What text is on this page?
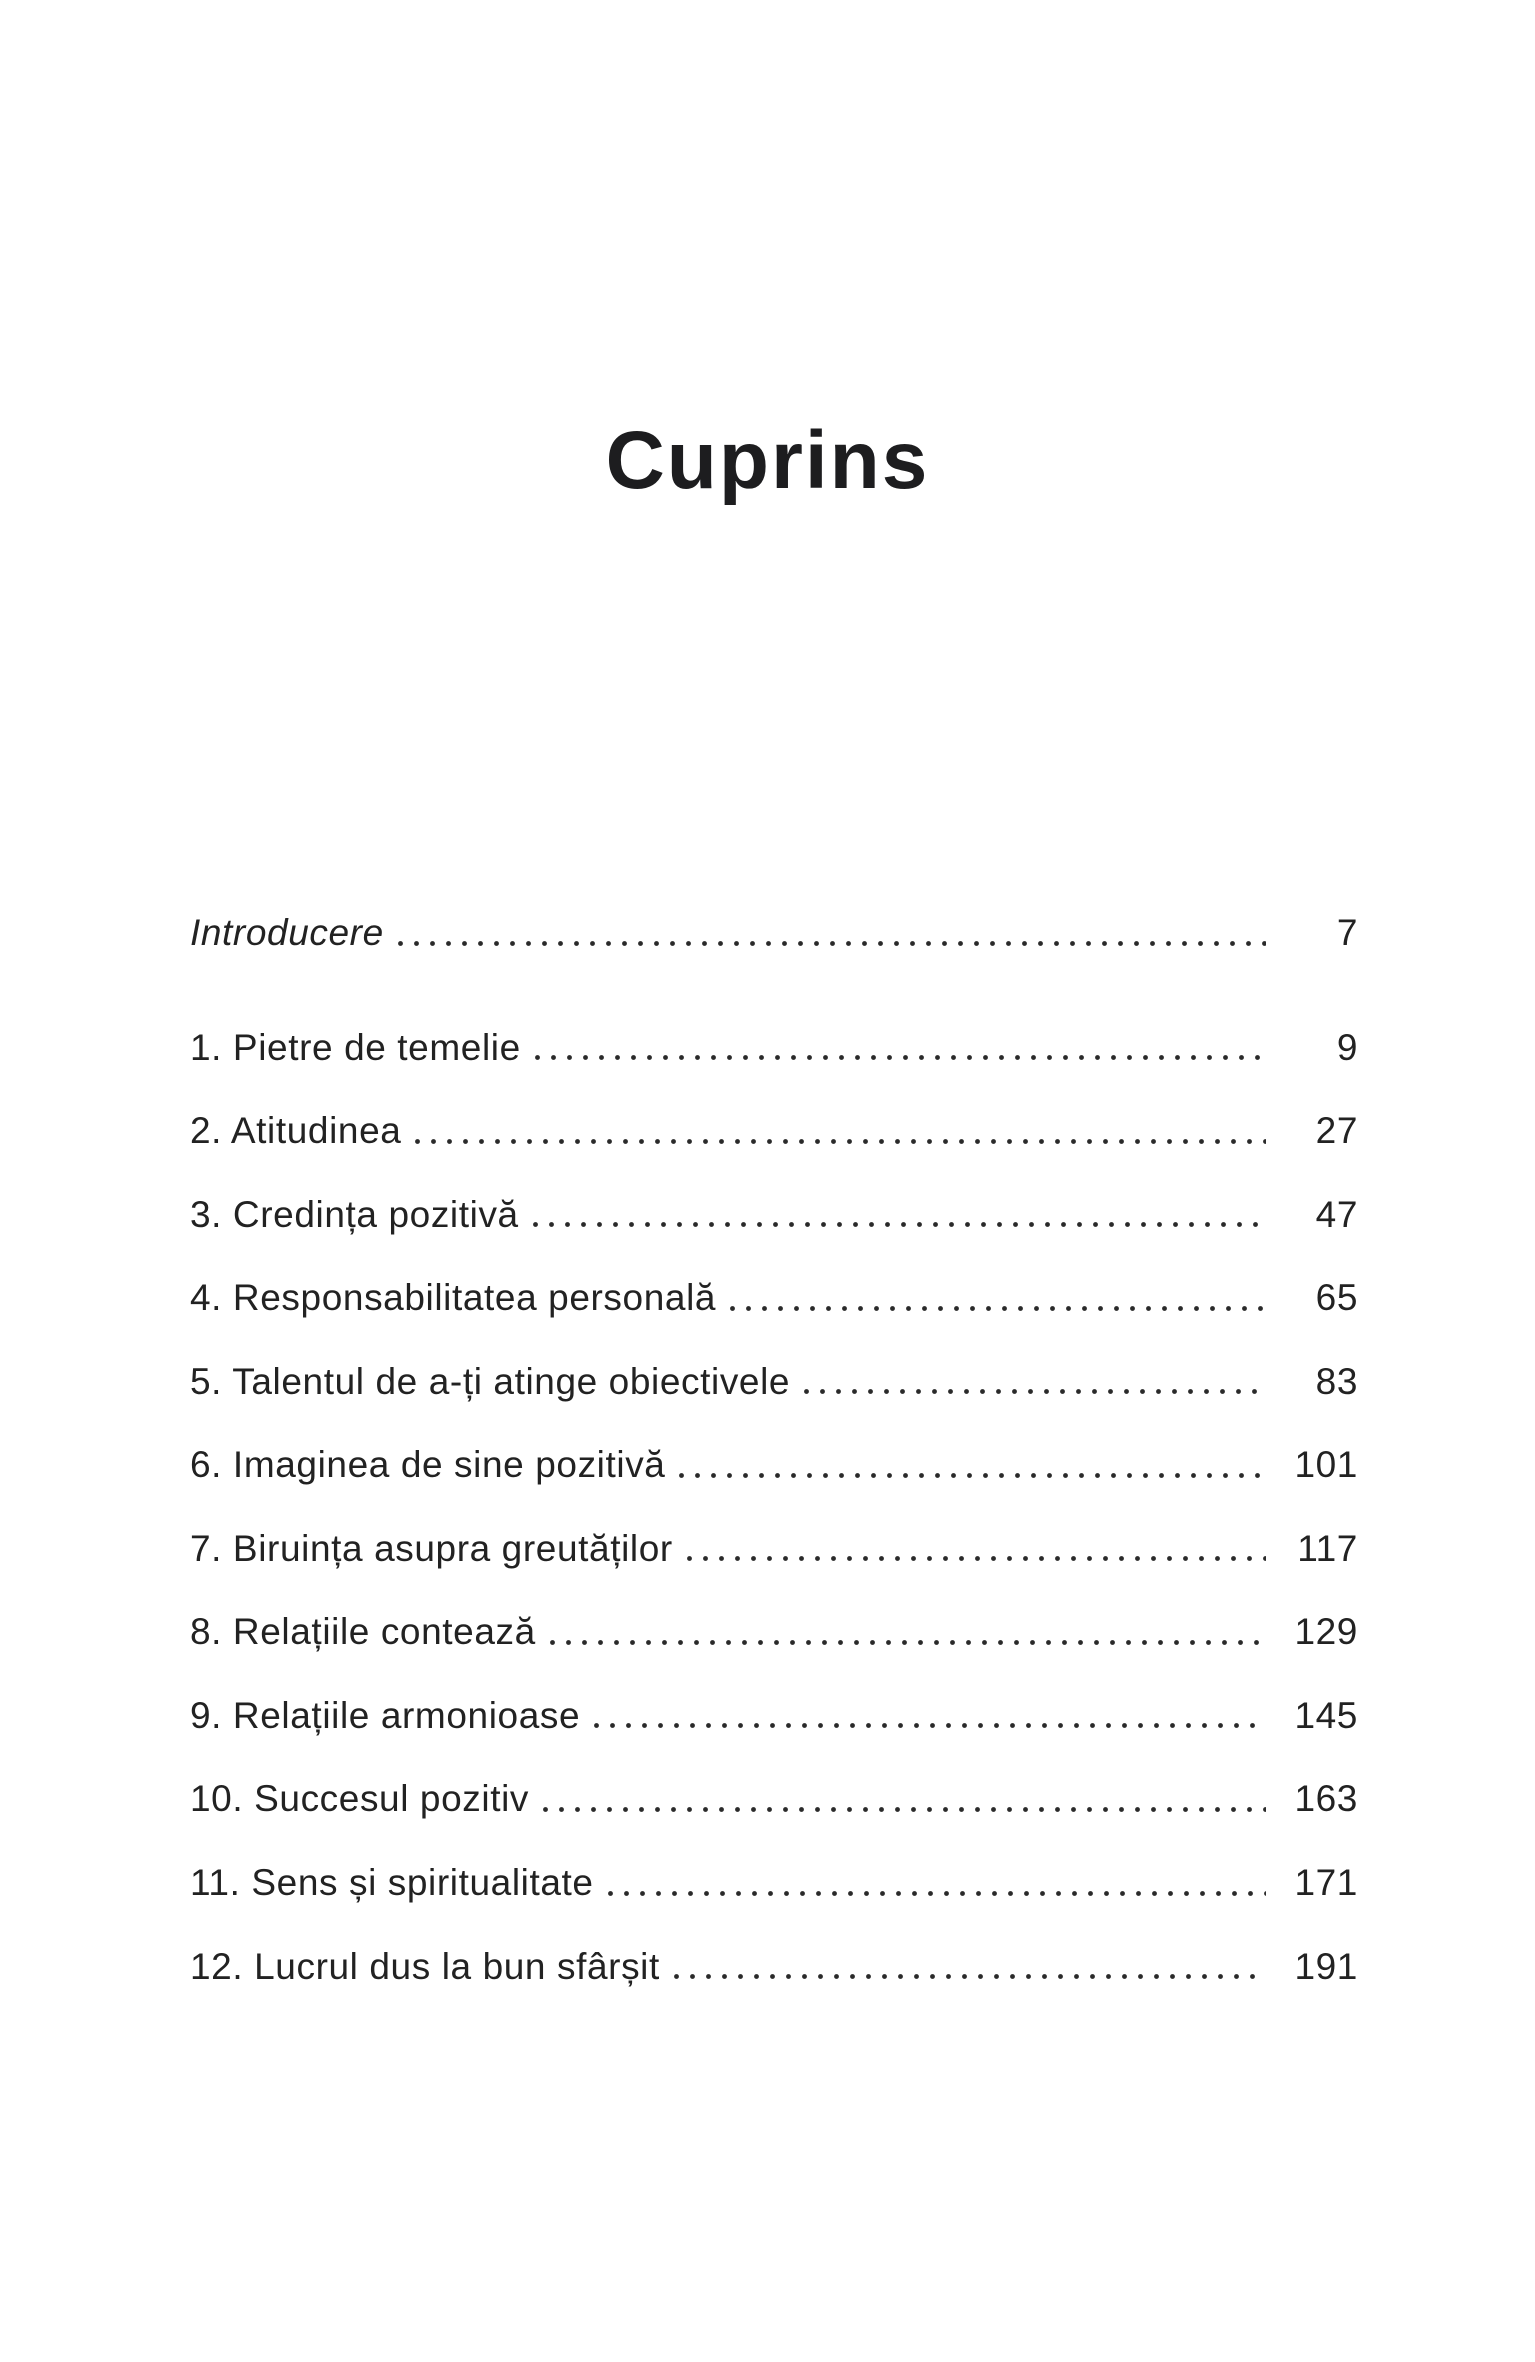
Cuprins
Introducere	7
1. Pietre de temelie	9
2. Atitudinea	27
3. Credința pozitivă	47
4. Responsabilitatea personală	65
5. Talentul de a-ți atinge obiectivele	83
6. Imaginea de sine pozitivă	101
7. Biruința asupra greutăților	117
8. Relațiile contează	129
9. Relațiile armonioase	145
10. Succesul pozitiv	163
11. Sens și spiritualitate	171
12. Lucrul dus la bun sfârșit	191
